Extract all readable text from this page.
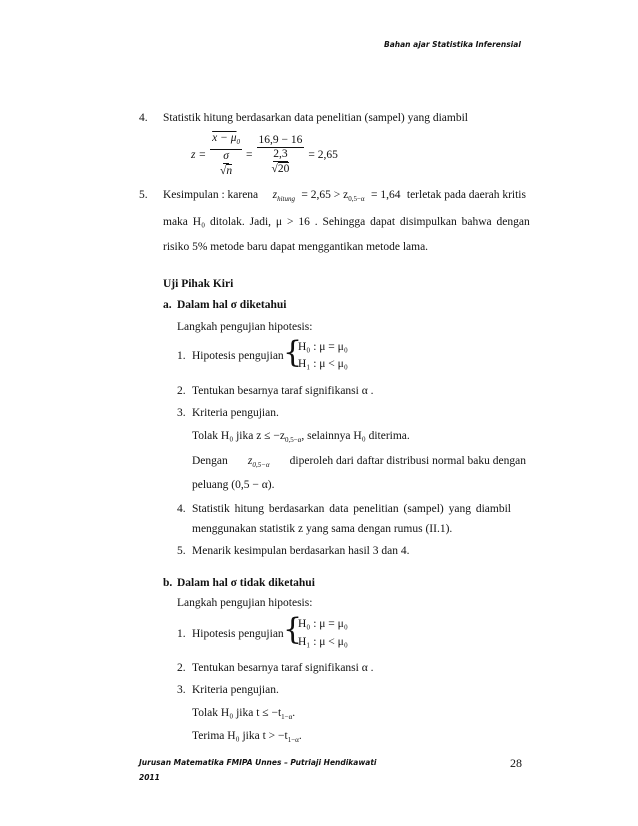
Bahan ajar Statistika Inferensial
4. Statistik hitung berdasarkan data penelitian (sampel) yang diambil
$z = x - \mu_0$
σ
√n = 16,9 − 16
2,3
√20 = 2,65
5. Kesimpulan : karena	$z_{hitung} = 2,65 > z_{0,5-\alpha} = 1,64$ terletak pada daerah kritis
maka H₀ ditolak. Jadi, μ > 16 . Sehingga dapat disimpulkan bahwa dengan
risiko 5% metode baru dapat menggantikan metode lama.
Uji Pihak Kiri
a. Dalam hal σ diketahui
Langkah pengujian hipotesis:
1. Hipotesis pengujian {
H₀ : μ = μ₀
H₁ : μ < μ₀
2. Tentukan besarnya taraf signifikansi α .
3. Kriteria pengujian.
Tolak H₀ jika $z \le -z_{0,5-\alpha}$, selainnya H₀ diterima.
Dengan $z_{0,5-\alpha}$ diperoleh dari daftar distribusi normal baku dengan
peluang (0,5 − α).
4. Statistik hitung berdasarkan data penelitian (sampel) yang diambil
menggunakan statistik z yang sama dengan rumus (II.1).
5. Menarik kesimpulan berdasarkan hasil 3 dan 4.
b. Dalam hal σ tidak diketahui
Langkah pengujian hipotesis:
1. Hipotesis pengujian {
H₀ : μ = μ₀
H₁ : μ < μ₀
2. Tentukan besarnya taraf signifikansi α .
3. Kriteria pengujian.
Tolak H₀ jika $t \le -t_{1-\alpha}$.
Terima H₀ jika $t > -t_{1-\alpha}$.
Jurusan Matematika FMIPA Unnes – Putriaji Hendikawati
2011
28
